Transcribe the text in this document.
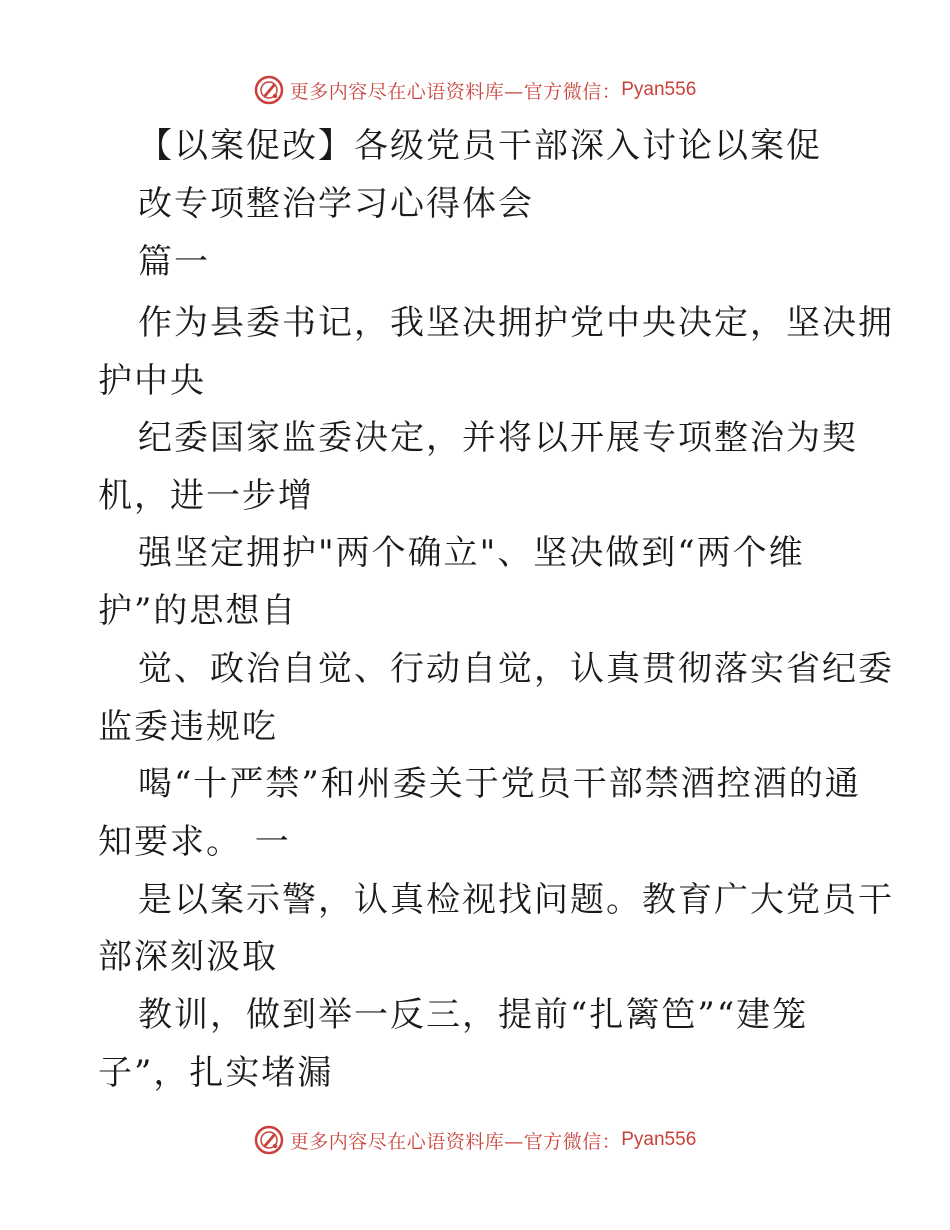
更多内容尽在心语资料库—官方微信： Pyan556
【以案促改】各级党员干部深入讨论以案促
改专项整治学习心得体会
篇一
作为县委书记，我坚决拥护党中央决定，坚决拥
护中央
纪委国家监委决定，并将以开展专项整治为契
机，进一步增
强坚定拥护"两个确立"、坚决做到“两个维
护”的思想自
觉、政治自觉、行动自觉，认真贯彻落实省纪委
监委违规吃
喝“十严禁”和州委关于党员干部禁酒控酒的通
知要求。 一
是以案示警，认真检视找问题。教育广大党员干
部深刻汲取
教训，做到举一反三，提前“扎篱笆”“建笼
子”，扎实堵漏
更多内容尽在心语资料库—官方微信： Pyan556
